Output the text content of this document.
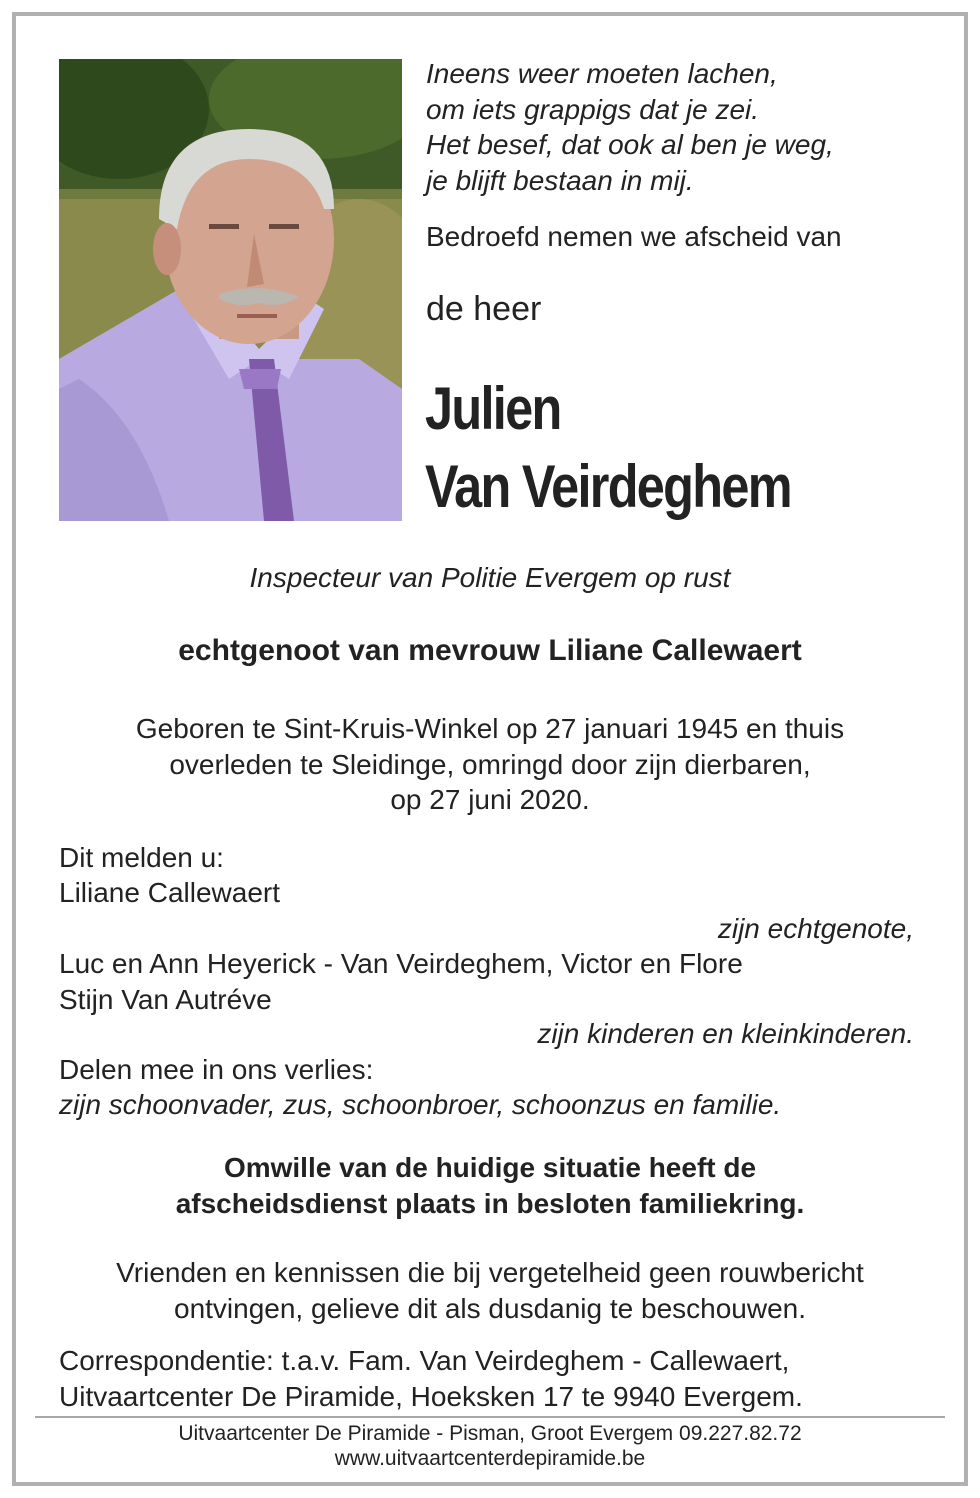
Ineens weer moeten lachen,
om iets grappigs dat je zei.
Het besef, dat ook al ben je weg,
je blijft bestaan in mij.

Bedroefd nemen we afscheid van
de heer
Julien
Van Veirdeghem
Inspecteur van Politie Evergem op rust
echtgenoot van mevrouw Liliane Callewaert
Geboren te Sint-Kruis-Winkel op 27 januari 1945 en thuis
overleden te Sleidinge, omringd door zijn dierbaren,
op 27 juni 2020.
Dit melden u:
Liliane Callewaert
zijn echtgenote,
Luc en Ann Heyerick - Van Veirdeghem, Victor en Flore
Stijn Van Autréve
zijn kinderen en kleinkinderen.
Delen mee in ons verlies:
zijn schoonvader, zus, schoonbroer, schoonzus en familie.
Omwille van de huidige situatie heeft de
afscheidsdienst plaats in besloten familiekring.
Vrienden en kennissen die bij vergetelheid geen rouwbericht
ontvingen, gelieve dit als dusdanig te beschouwen.
Correspondentie: t.a.v. Fam. Van Veirdeghem - Callewaert,
Uitvaartcenter De Piramide, Hoeksken 17 te 9940 Evergem.
Uitvaartcenter De Piramide - Pisman, Groot Evergem 09.227.82.72
www.uitvaartcenterdepiramide.be
